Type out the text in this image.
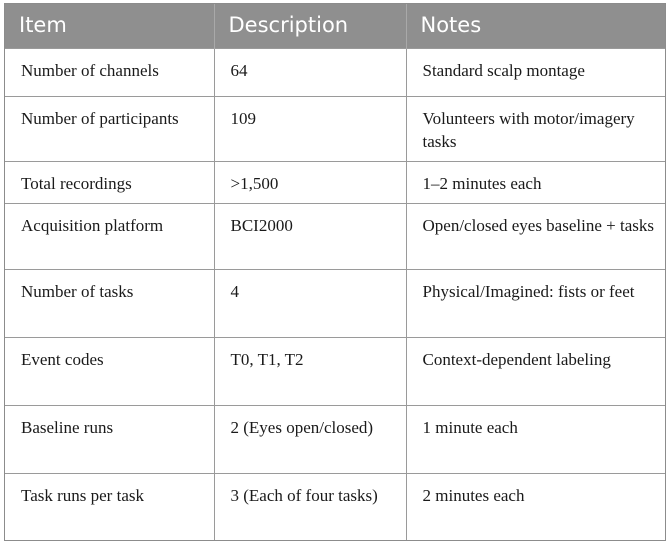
Item	Description	Notes
Number of channels	64	Standard scalp montage
Number of participants	109	Volunteers with motor/imagery tasks
Total recordings	>1,500	1–2 minutes each
Acquisition platform	BCI2000	Open/closed eyes baseline + tasks
Number of tasks	4	Physical/Imagined: fists or feet
Event codes	T0, T1, T2	Context-dependent labeling
Baseline runs	2 (Eyes open/closed)	1 minute each
Task runs per task	3 (Each of four tasks)	2 minutes each
